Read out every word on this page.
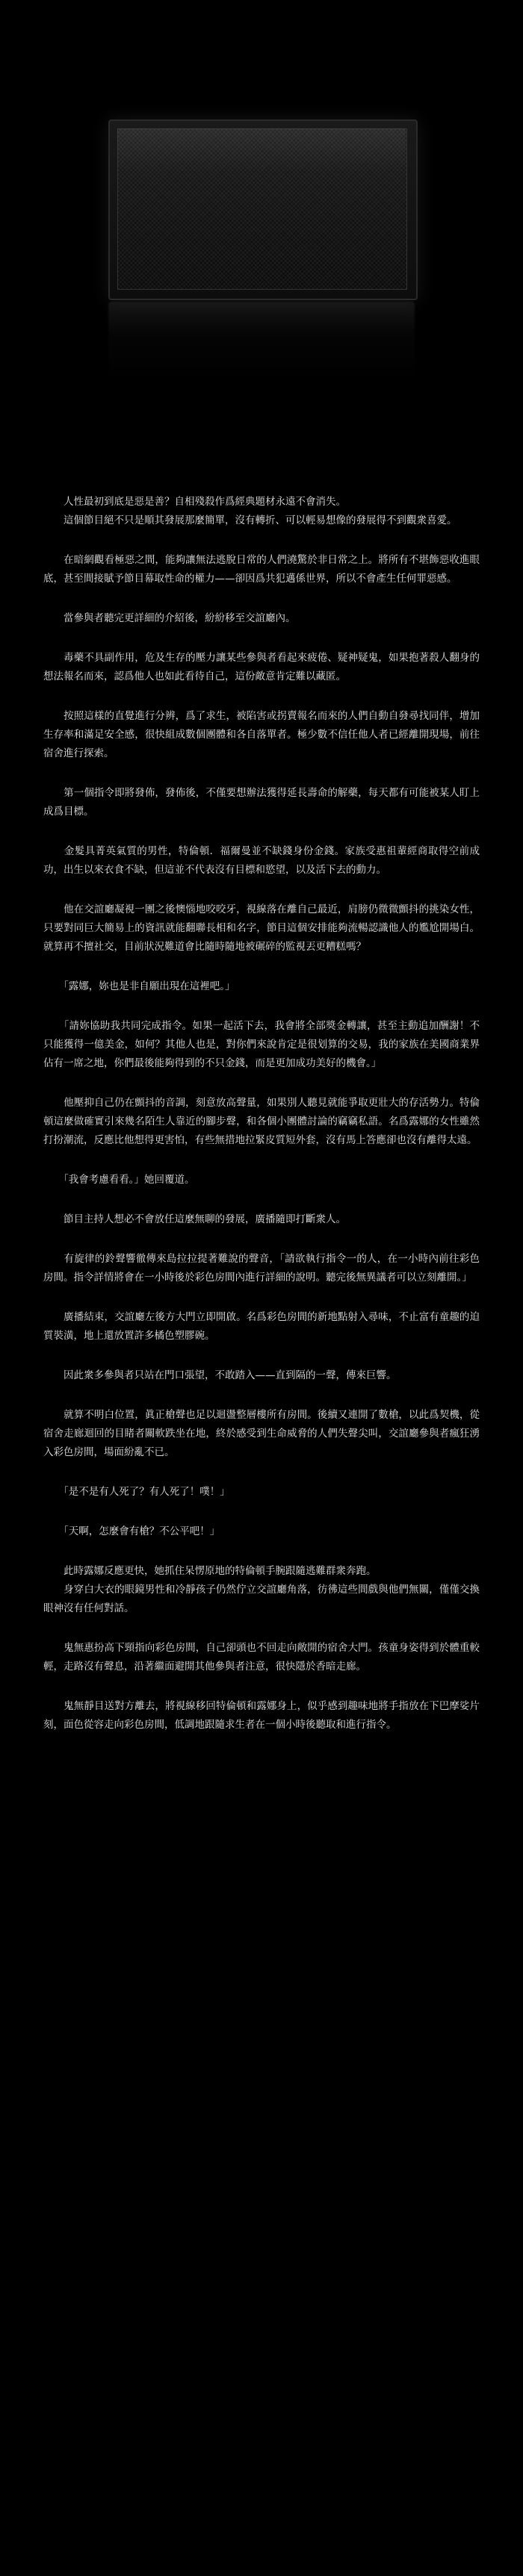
　　人性最初到底是惡是善？自相殘殺作爲經典題材永遠不會消失。
　　這個節目絕不只是順其發展那麼簡單，沒有轉折、可以輕易想像的發展得不到觀衆喜愛。

　　在暗網觀看極惡之間，能夠讓無法逃脫日常的人們澆驚於非日常之上。將所有不堪飾惡收進眼底，甚至間接賦予節目幕取性命的權力——卻因爲共犯邁係世界，所以不會產生任何罪惡感。

　　當參與者聽完更詳細的介紹後，紛紛移至交誼廳內。

　　毒藥不具副作用，危及生存的壓力讓某些參與者看起來疲倦、疑神疑鬼，如果抱著殺人翻身的想法報名而來，認爲他人也如此看待自己，這份敵意肯定難以藏匿。

　　按照這樣的直覺進行分辨，爲了求生，被陷害或拐賣報名而來的人們自動自發尋找同伴，增加生存率和滿足安全感，很快組成數個團體和各自落單者。極少數不信任他人者已經離開現場，前往宿舍進行探索。

　　第一個指令即將發佈，發佈後，不僅要想辦法獲得延長壽命的解藥，每天都有可能被某人盯上成爲目標。

　　金髮具菁英氣質的男性，特倫頓．福爾曼並不缺錢身份金錢。家族受惠祖輩經商取得空前成功，出生以來衣食不缺，但這並不代表沒有目標和慾望，以及活下去的動力。

　　他在交誼廳凝視一團之後懊惱地咬咬牙，視線落在離自己最近，肩膀仍微微顫抖的挑染女性，只要對同巨大簡易上的資訊就能翻聯長相和名字，節目這個安排能夠流暢認識他人的尷尬開場白。就算再不擅社交，目前狀況難道會比隨時隨地被碾碎的監視丟更糟糕嗎？

　　「露娜，妳也是非自願出現在這裡吧。」

　　「請妳協助我共同完成指令。如果一起活下去，我會將全部獎金轉讓，甚至主動追加酬謝！不只能獲得一億美金，如何？其他人也是，對你們來說肯定是很划算的交易，我的家族在美國商業界佔有一席之地，你們最後能夠得到的不只金錢，而是更加成功美好的機會。」

　　他壓抑自己仍在顫抖的音調，刻意放高聲量，如果別人聽見就能爭取更壯大的存活勢力。特倫頓這麼做確實引來幾名陌生人靠近的腳步聲，和各個小團體討論的竊竊私語。名爲露娜的女性雖然打扮潮流，反應比他想得更害怕，有些無措地拉緊皮質短外套，沒有馬上答應卻也沒有離得太遠。

　　「我會考慮看看。」她回覆道。

　　節目主持人想必不會放任這麼無聊的發展，廣播隨即打斷衆人。

　　有旋律的鈴聲響徹傳來島拉拉提著難說的聲音，「請欲執行指令一的人，在一小時內前往彩色房間。指令詳情將會在一小時後於彩色房間內進行詳細的說明。聽完後無異議者可以立刻離開。」

　　廣播結束，交誼廳左後方大門立即開啟。名爲彩色房間的新地點射入尋味，不止富有童趣的迫質裝潢，地上還放置許多橘色塑膠碗。

　　因此衆多參與者只站在門口張望，不敢踏入——直到隔的一聲，傳來巨響。

　　就算不明白位置，眞正槍聲也足以迴盪整層樓所有房間。後續又連開了數槍，以此爲契機，從宿舍走廊迴回的目睹者關軟跌坐在地，終於感受到生命威脅的人們失聲尖叫，交誼廳參與者瘋狂湧入彩色房間，場面紛亂不已。

　　「是不是有人死了？有人死了！噗！」

　　「天啊，怎麼會有槍？不公平吧！」

　　此時露娜反應更快，她抓住呆愣原地的特倫頓手腕跟隨逃難群衆奔跑。
　　身穿白大衣的眼鏡男性和冷靜孩子仍然佇立交誼廳角落，彷彿這些間戲與他們無關，僅僅交換眼神沒有任何對話。

　　鬼無惠扮高下頸指向彩色房間，自己卻頭也不回走向敞開的宿舍大門。孩童身姿得到於體重較輕，走路沒有聲息，沿著繼面避開其他參與者注意，很快隱於香暗走廊。

　　鬼無靜目送對方離去，將視線移回特倫頓和露娜身上，似乎感到趣味地將手指放在下巴摩娑片刻，面色從容走向彩色房間，低調地跟隨求生者在一個小時後聽取和進行指令。
